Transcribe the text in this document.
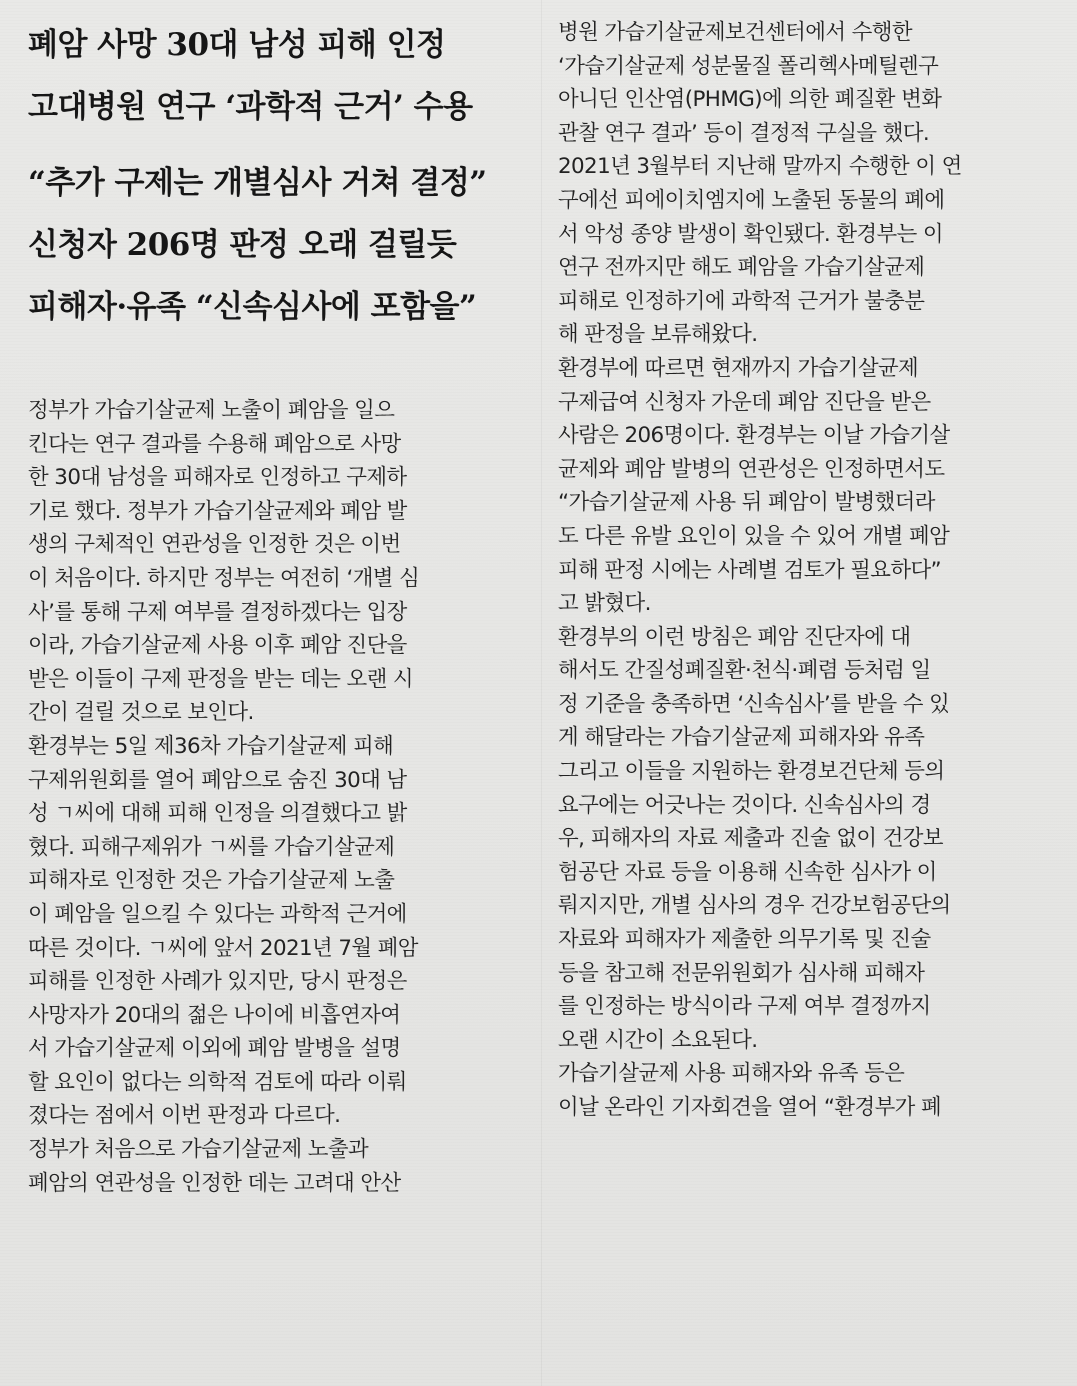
폐암 사망 30대 남성 피해 인정
고대병원 연구 ‘과학적 근거’ 수용
“추가 구제는 개별심사 거쳐 결정”
신청자 206명 판정 오래 걸릴듯
피해자·유족 “신속심사에 포함을”
정부가 가습기살균제 노출이 폐암을 일으
킨다는 연구 결과를 수용해 폐암으로 사망
한 30대 남성을 피해자로 인정하고 구제하
기로 했다. 정부가 가습기살균제와 폐암 발
생의 구체적인 연관성을 인정한 것은 이번
이 처음이다. 하지만 정부는 여전히 ‘개별 심
사’를 통해 구제 여부를 결정하겠다는 입장
이라, 가습기살균제 사용 이후 폐암 진단을
받은 이들이 구제 판정을 받는 데는 오랜 시
간이 걸릴 것으로 보인다.
환경부는 5일 제36차 가습기살균제 피해
구제위원회를 열어 폐암으로 숨진 30대 남
성 ㄱ씨에 대해 피해 인정을 의결했다고 밝
혔다. 피해구제위가 ㄱ씨를 가습기살균제
피해자로 인정한 것은 가습기살균제 노출
이 폐암을 일으킬 수 있다는 과학적 근거에
따른 것이다. ㄱ씨에 앞서 2021년 7월 폐암
피해를 인정한 사례가 있지만, 당시 판정은
사망자가 20대의 젊은 나이에 비흡연자여
서 가습기살균제 이외에 폐암 발병을 설명
할 요인이 없다는 의학적 검토에 따라 이뤄
졌다는 점에서 이번 판정과 다르다.
정부가 처음으로 가습기살균제 노출과
폐암의 연관성을 인정한 데는 고려대 안산
병원 가습기살균제보건센터에서 수행한
‘가습기살균제 성분물질 폴리헥사메틸렌구
아니딘 인산염(PHMG)에 의한 폐질환 변화
관찰 연구 결과’ 등이 결정적 구실을 했다.
2021년 3월부터 지난해 말까지 수행한 이 연
구에선 피에이치엠지에 노출된 동물의 폐에
서 악성 종양 발생이 확인됐다. 환경부는 이
연구 전까지만 해도 폐암을 가습기살균제
피해로 인정하기에 과학적 근거가 불충분
해 판정을 보류해왔다.
환경부에 따르면 현재까지 가습기살균제
구제급여 신청자 가운데 폐암 진단을 받은
사람은 206명이다. 환경부는 이날 가습기살
균제와 폐암 발병의 연관성은 인정하면서도
“가습기살균제 사용 뒤 폐암이 발병했더라
도 다른 유발 요인이 있을 수 있어 개별 폐암
피해 판정 시에는 사례별 검토가 필요하다”
고 밝혔다.
환경부의 이런 방침은 폐암 진단자에 대
해서도 간질성폐질환·천식·폐렴 등처럼 일
정 기준을 충족하면 ‘신속심사’를 받을 수 있
게 해달라는 가습기살균제 피해자와 유족
그리고 이들을 지원하는 환경보건단체 등의
요구에는 어긋나는 것이다. 신속심사의 경
우, 피해자의 자료 제출과 진술 없이 건강보
험공단 자료 등을 이용해 신속한 심사가 이
뤄지지만, 개별 심사의 경우 건강보험공단의
자료와 피해자가 제출한 의무기록 및 진술
등을 참고해 전문위원회가 심사해 피해자
를 인정하는 방식이라 구제 여부 결정까지
오랜 시간이 소요된다.
가습기살균제 사용 피해자와 유족 등은
이날 온라인 기자회견을 열어 “환경부가 폐
